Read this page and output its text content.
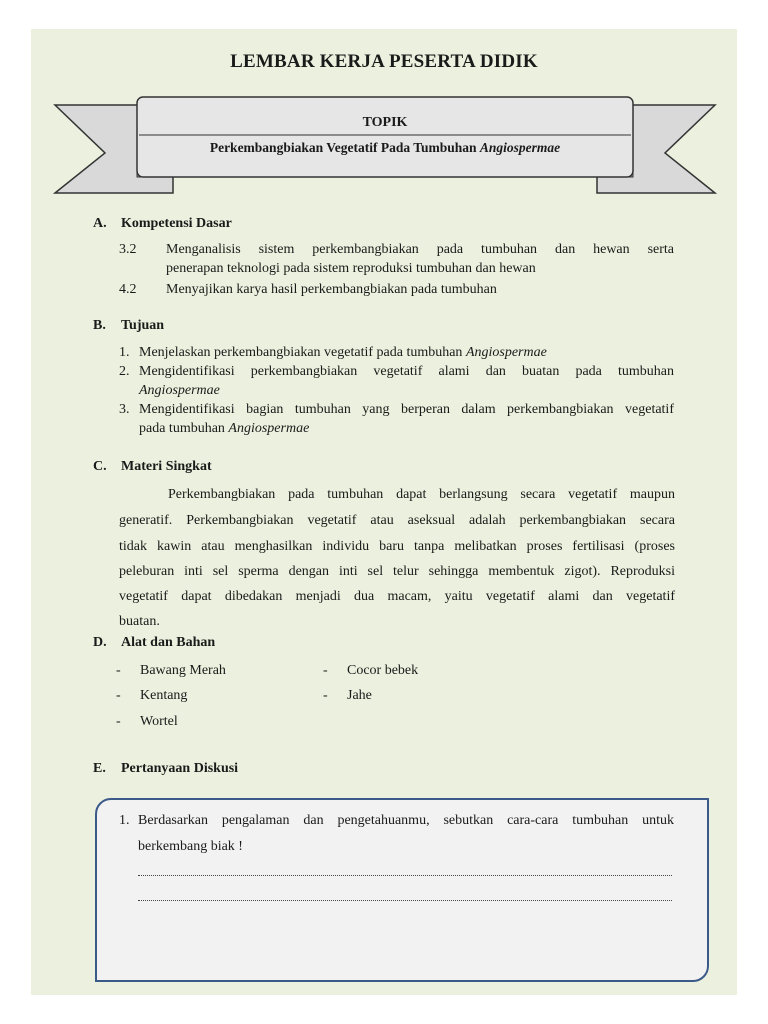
LEMBAR KERJA PESERTA DIDIK
TOPIK
Perkembangbiakan Vegetatif Pada Tumbuhan Angiospermae
A. Kompetensi Dasar
3.2 Menganalisis sistem perkembangbiakan pada tumbuhan dan hewan serta
penerapan teknologi pada sistem reproduksi tumbuhan dan hewan
4.2 Menyajikan karya hasil perkembangbiakan pada tumbuhan
B. Tujuan
1. Menjelaskan perkembangbiakan vegetatif pada tumbuhan Angiospermae
2. Mengidentifikasi perkembangbiakan vegetatif alami dan buatan pada tumbuhan
Angiospermae
3. Mengidentifikasi bagian tumbuhan yang berperan dalam perkembangbiakan vegetatif
pada tumbuhan Angiospermae
C. Materi Singkat
Perkembangbiakan pada tumbuhan dapat berlangsung secara vegetatif maupun
generatif. Perkembangbiakan vegetatif atau aseksual adalah perkembangbiakan secara
tidak kawin atau menghasilkan individu baru tanpa melibatkan proses fertilisasi (proses
peleburan inti sel sperma dengan inti sel telur sehingga membentuk zigot). Reproduksi
vegetatif dapat dibedakan menjadi dua macam, yaitu vegetatif alami dan vegetatif
buatan.
D. Alat dan Bahan
- Bawang Merah
- Kentang
- Wortel
- Cocor bebek
- Jahe
E. Pertanyaan Diskusi
1. Berdasarkan pengalaman dan pengetahuanmu, sebutkan cara-cara tumbuhan untuk
berkembang biak !
